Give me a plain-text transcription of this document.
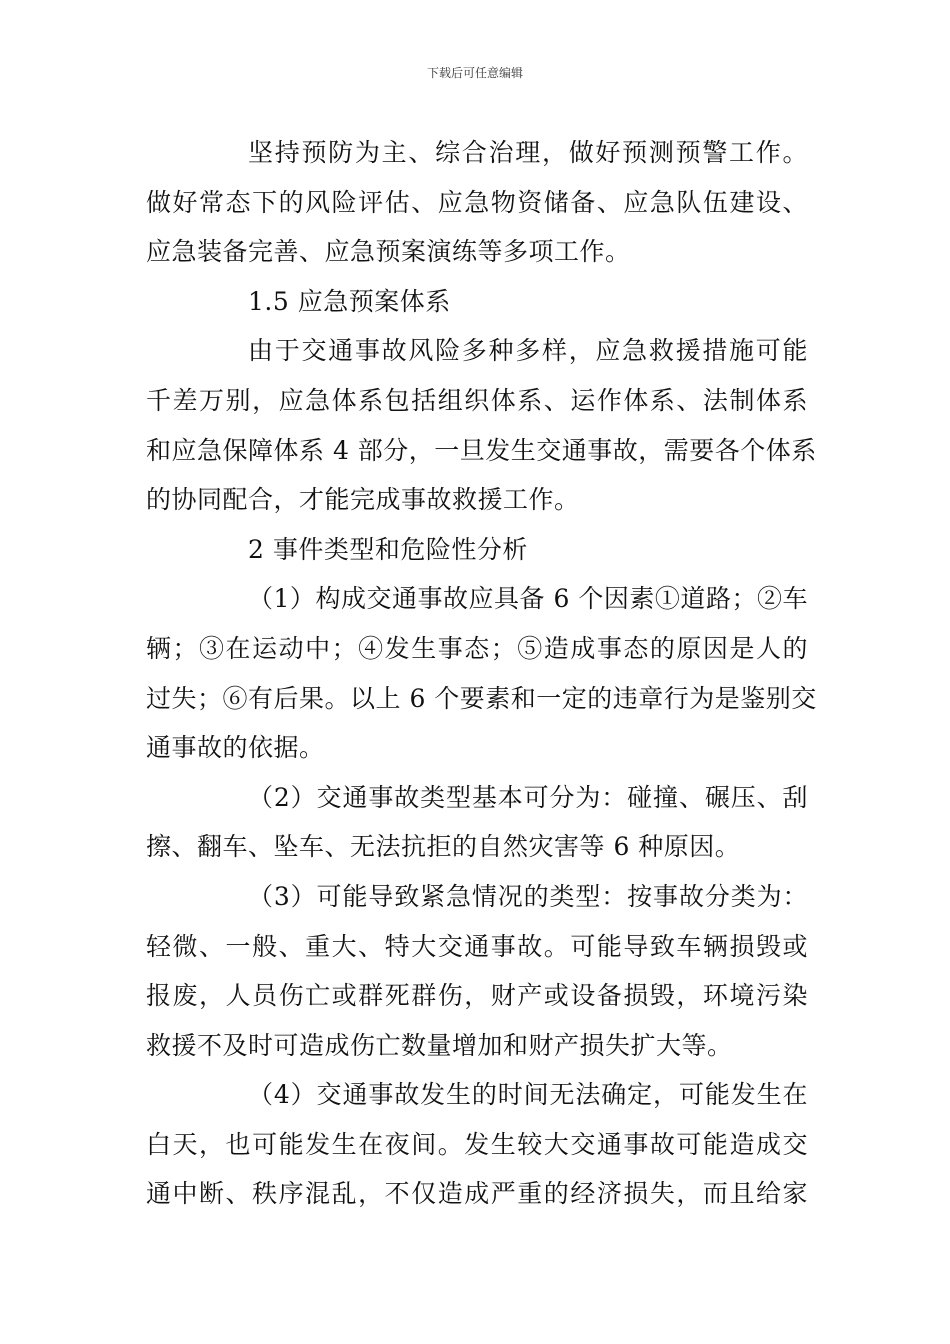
下载后可任意编辑
坚持预防为主、综合治理，做好预测预警工作。
做好常态下的风险评估、应急物资储备、应急队伍建设、
应急装备完善、应急预案演练等多项工作。
1.5 应急预案体系
由于交通事故风险多种多样，应急救援措施可能
千差万别，应急体系包括组织体系、运作体系、法制体系
和应急保障体系 4 部分，一旦发生交通事故，需要各个体系
的协同配合，才能完成事故救援工作。
2 事件类型和危险性分析
（1）构成交通事故应具备 6 个因素①道路；②车
辆；③在运动中；④发生事态；⑤造成事态的原因是人的
过失；⑥有后果。以上 6 个要素和一定的违章行为是鉴别交
通事故的依据。
（2）交通事故类型基本可分为：碰撞、碾压、刮
擦、翻车、坠车、无法抗拒的自然灾害等 6 种原因。
（3）可能导致紧急情况的类型：按事故分类为：
轻微、一般、重大、特大交通事故。可能导致车辆损毁或
报废，人员伤亡或群死群伤，财产或设备损毁，环境污染
救援不及时可造成伤亡数量增加和财产损失扩大等。
（4）交通事故发生的时间无法确定，可能发生在
白天，也可能发生在夜间。发生较大交通事故可能造成交
通中断、秩序混乱，不仅造成严重的经济损失，而且给家
